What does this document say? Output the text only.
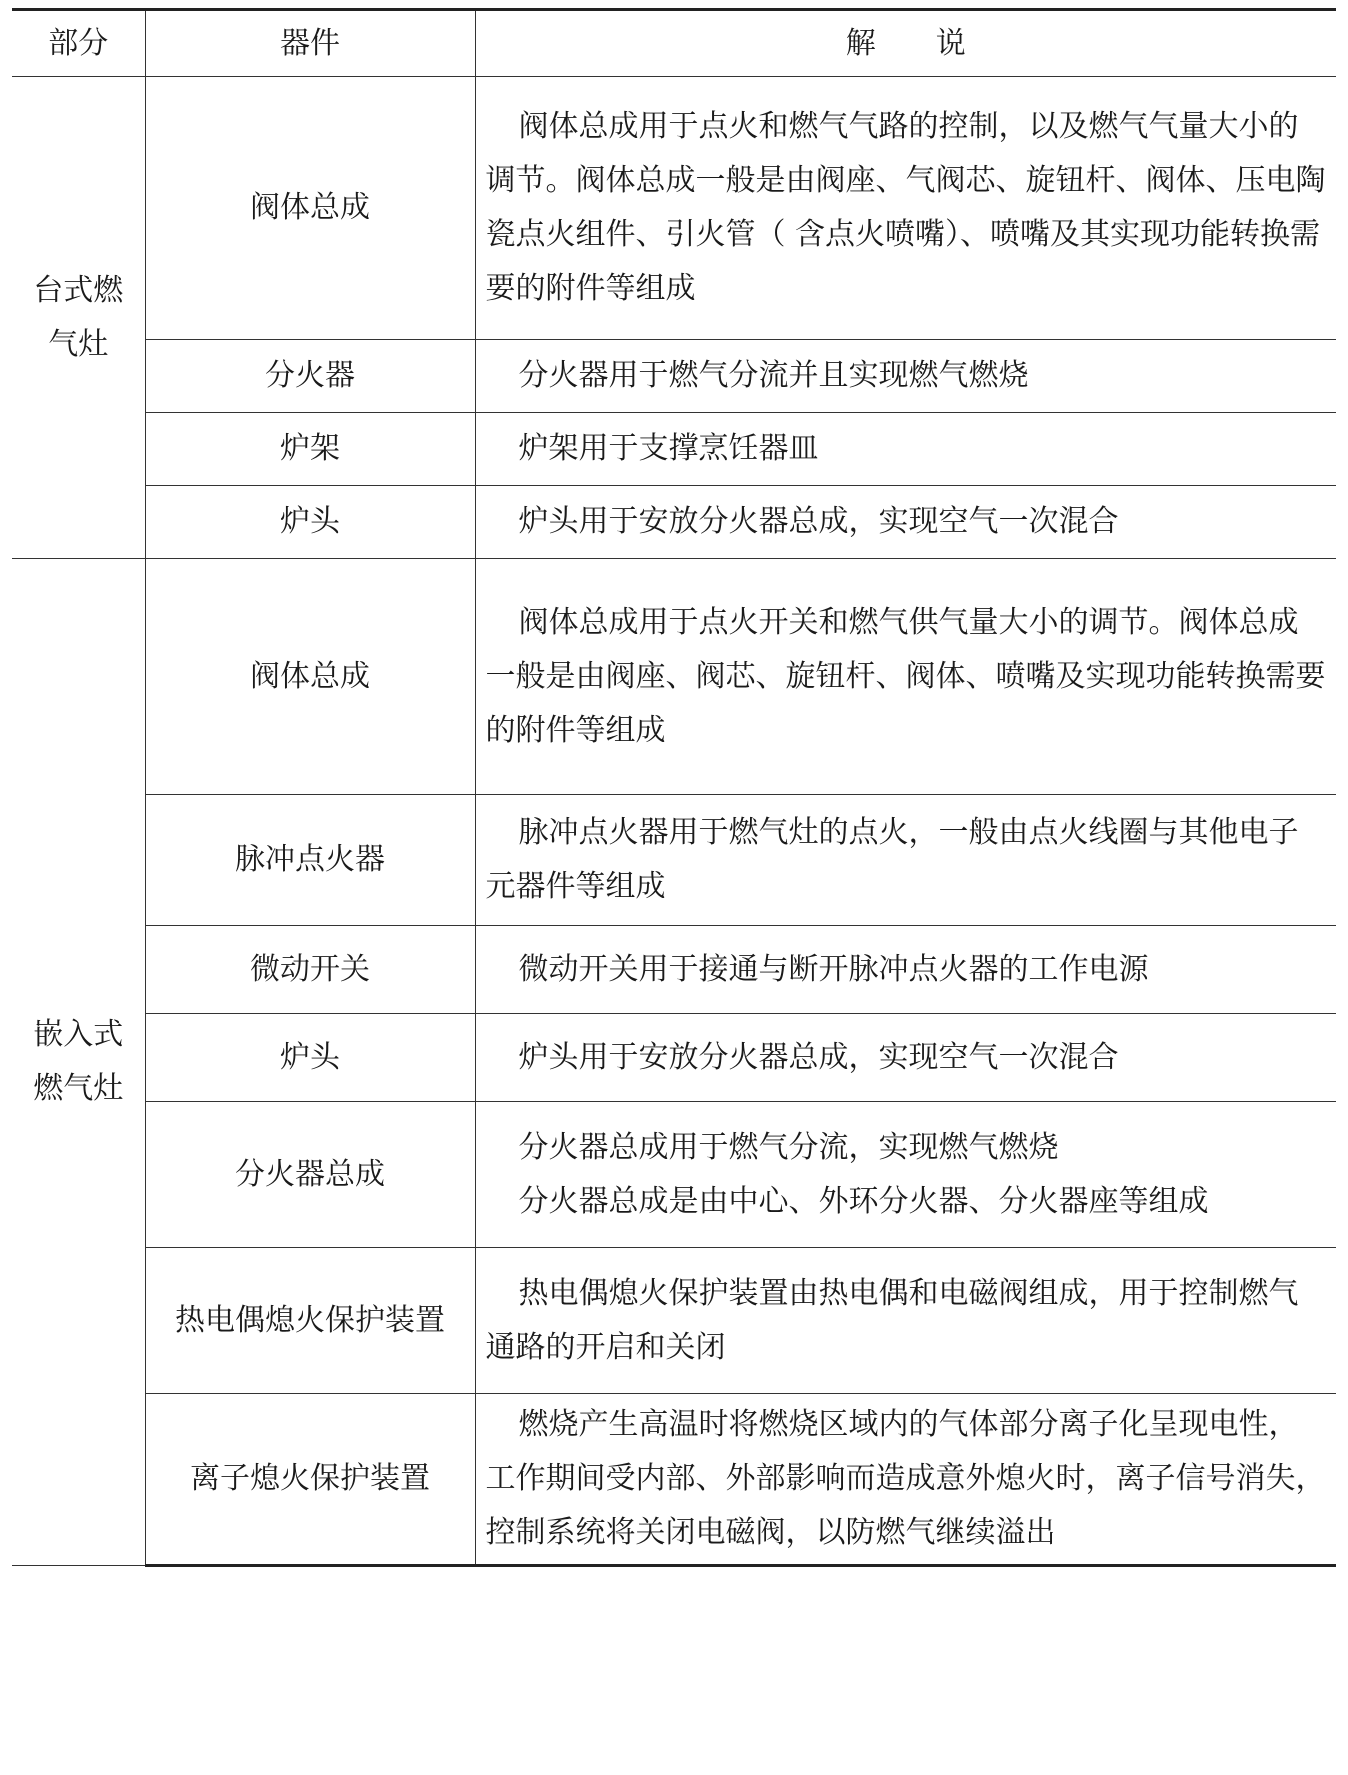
部分	器件	解　　说
台式燃气灶	阀体总成	阀体总成用于点火和燃气气路的控制，以及燃气气量大小的调节。阀体总成一般是由阀座、气阀芯、旋钮杆、阀体、压电陶瓷点火组件、引火管（ 含点火喷嘴）、喷嘴及其实现功能转换需要的附件等组成

	分火器	分火器用于燃气分流并且实现燃气燃烧

	炉架	炉架用于支撑烹饪器皿

	炉头	炉头用于安放分火器总成，实现空气一次混合

嵌入式燃气灶	阀体总成	阀体总成用于点火开关和燃气供气量大小的调节。阀体总成一般是由阀座、阀芯、旋钮杆、阀体、喷嘴及实现功能转换需要的附件等组成

	脉冲点火器	脉冲点火器用于燃气灶的点火，一般由点火线圈与其他电子元器件等组成

	微动开关	微动开关用于接通与断开脉冲点火器的工作电源

	炉头	炉头用于安放分火器总成，实现空气一次混合

	分火器总成	分火器总成用于燃气分流，实现燃气燃烧
分火器总成是由中心、外环分火器、分火器座等组成

	热电偶熄火保护装置	热电偶熄火保护装置由热电偶和电磁阀组成，用于控制燃气通路的开启和关闭

	离子熄火保护装置	燃烧产生高温时将燃烧区域内的气体部分离子化呈现电性，工作期间受内部、外部影响而造成意外熄火时，离子信号消失，控制系统将关闭电磁阀，以防燃气继续溢出
